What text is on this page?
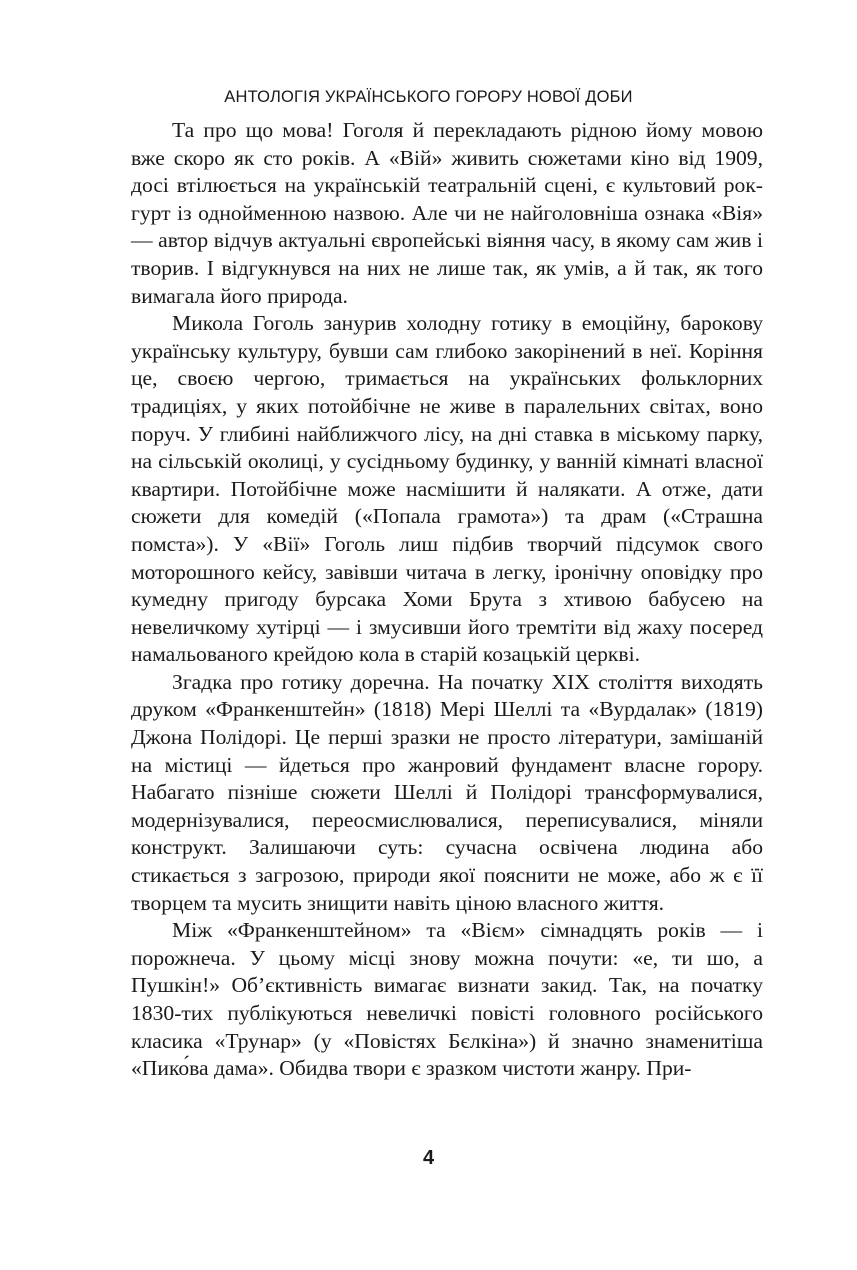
АНТОЛОГІЯ УКРАЇНСЬКОГО ГОРОРУ НОВОЇ ДОБИ

Та про що мова! Гоголя й перекладають рідною йому мовою вже скоро як сто років. А «Вій» живить сюжетами кіно від 1909, досі втілюється на українській театральній сцені, є культовий рок-гурт із однойменною назвою. Але чи не найголовніша ознака «Вія» — автор відчув актуальні європейські віяння часу, в якому сам жив і творив. І відгукнувся на них не лише так, як умів, а й так, як того вимагала його природа.

Микола Гоголь занурив холодну готику в емоційну, барокову українську культуру, бувши сам глибоко закорінений в неї. Коріння це, своєю чергою, тримається на українських фольклорних традиціях, у яких потойбічне не живе в паралельних світах, воно поруч. У глибині найближчого лісу, на дні ставка в міському парку, на сільській околиці, у сусідньому будинку, у ванній кімнаті власної квартири. Потойбічне може насмішити й налякати. А отже, дати сюжети для комедій («Попала грамота») та драм («Страшна помста»). У «Вії» Гоголь лиш підбив творчий підсумок свого моторошного кейсу, завівши читача в легку, іронічну оповідку про кумедну пригоду бурсака Хоми Брута з хтивою бабусею на невеличкому хутірці — і змусивши його тремтіти від жаху посеред намальованого крейдою кола в старій козацькій церкві.

Згадка про готику доречна. На початку XIX століття виходять друком «Франкенштейн» (1818) Мері Шеллі та «Вурдалак» (1819) Джона Полідорі. Це перші зразки не просто літератури, замішаній на містиці — йдеться про жанровий фундамент власне горору. Набагато пізніше сюжети Шеллі й Полідорі трансформувалися, модернізувалися, переосмислювалися, переписувалися, міняли конструкт. Залишаючи суть: сучасна освічена людина або стикається з загрозою, природи якої пояснити не може, або ж є її творцем та мусить знищити навіть ціною власного життя.

Між «Франкенштейном» та «Вієм» сімнадцять років — і порожнеча. У цьому місці знову можна почути: «е, ти шо, а Пушкін!» Об’єктивність вимагає визнати закид. Так, на початку 1830-тих публікуються невеличкі повісті головного російського класика «Трунар» (у «Повістях Бєлкіна») й значно знаменитіша «Пико́ва дама». Обидва твори є зразком чистоти жанру. При-

4
